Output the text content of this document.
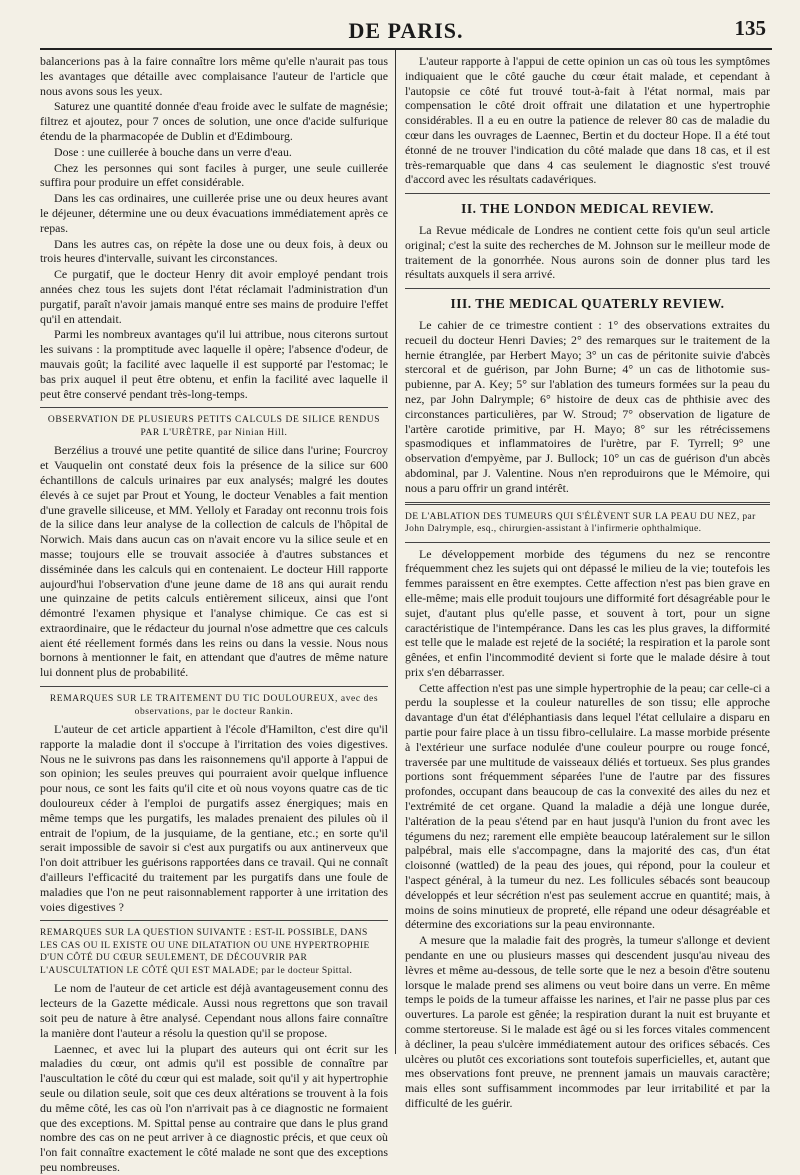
DE PARIS.	135

balancerions pas à la faire connaître lors même qu'elle n'aurait pas tous les avantages que détaille avec complaisance l'auteur de l'article que nous avons sous les yeux.

Saturez une quantité donnée d'eau froide avec le sulfate de magnésie; filtrez et ajoutez, pour 7 onces de solution, une once d'acide sulfurique étendu de la pharmacopée de Dublin et d'Edimbourg.

Dose : une cuillerée à bouche dans un verre d'eau.

Chez les personnes qui sont faciles à purger, une seule cuillerée suffira pour produire un effet considérable.

Dans les cas ordinaires, une cuillerée prise une ou deux heures avant le déjeuner, détermine une ou deux évacuations immédiatement après ce repas.

Dans les autres cas, on répète la dose une ou deux fois, à deux ou trois heures d'intervalle, suivant les circonstances.

Ce purgatif, que le docteur Henry dit avoir employé pendant trois années chez tous les sujets dont l'état réclamait l'administration d'un purgatif, paraît n'avoir jamais manqué entre ses mains de produire l'effet qu'il en attendait.

Parmi les nombreux avantages qu'il lui attribue, nous citerons surtout les suivans : la promptitude avec laquelle il opère; l'absence d'odeur, de mauvais goût; la facilité avec laquelle il est supporté par l'estomac; le bas prix auquel il peut être obtenu, et enfin la facilité avec laquelle il peut être conservé pendant très-long-temps.

OBSERVATION DE PLUSIEURS PETITS CALCULS DE SILICE RENDUS PAR L'URÈTRE, par Ninian Hill.

Berzélius a trouvé une petite quantité de silice dans l'urine; Fourcroy et Vauquelin ont constaté deux fois la présence de la silice sur 600 échantillons de calculs urinaires par eux analysés; malgré les doutes élevés à ce sujet par Prout et Young, le docteur Venables a fait mention d'une gravelle siliceuse, et MM. Yelloly et Faraday ont reconnu trois fois de la silice dans leur analyse de la collection de calculs de l'hôpital de Norwich. Mais dans aucun cas on n'avait encore vu la silice seule et en masse; toujours elle se trouvait associée à d'autres substances et disséminée dans les calculs qui en contenaient. Le docteur Hill rapporte aujourd'hui l'observation d'une jeune dame de 18 ans qui aurait rendu une quinzaine de petits calculs entièrement siliceux, ainsi que l'ont démontré l'examen physique et l'analyse chimique. Ce cas est si extraordinaire, que le rédacteur du journal n'ose admettre que ces calculs aient été réellement formés dans les reins ou dans la vessie. Nous nous bornons à mentionner le fait, en attendant que d'autres de même nature lui donnent plus de probabilité.

REMARQUES SUR LE TRAITEMENT DU TIC DOULOUREUX, avec des observations, par le docteur Rankin.

L'auteur de cet article appartient à l'école d'Hamilton, c'est dire qu'il rapporte la maladie dont il s'occupe à l'irritation des voies digestives. Nous ne le suivrons pas dans les raisonnemens qu'il apporte à l'appui de son opinion; les seules preuves qui pourraient avoir quelque influence pour nous, ce sont les faits qu'il cite et où nous voyons quatre cas de tic douloureux céder à l'emploi de purgatifs assez énergiques; mais en même temps que les purgatifs, les malades prenaient des pilules où il entrait de l'opium, de la jusquiame, de la gentiane, etc.; en sorte qu'il serait impossible de savoir si c'est aux purgatifs ou aux antinerveux que l'on doit attribuer les guérisons rapportées dans ce travail. Qui ne connaît d'ailleurs l'efficacité du traitement par les purgatifs dans une foule de maladies que l'on ne peut raisonnablement rapporter à une irritation des voies digestives ?

REMARQUES SUR LA QUESTION SUIVANTE : EST-IL POSSIBLE, DANS LES CAS OU IL EXISTE OU UNE DILATATION OU UNE HYPERTROPHIE D'UN CÔTÉ DU CŒUR SEULEMENT, DE DÉCOUVRIR PAR L'AUSCULTATION LE CÔTÉ QUI EST MALADE; par le docteur Spittal.

Le nom de l'auteur de cet article est déjà avantageusement connu des lecteurs de la Gazette médicale. Aussi nous regrettons que son travail soit peu de nature à être analysé. Cependant nous allons faire connaître la manière dont l'auteur a résolu la question qu'il se propose.

Laennec, et avec lui la plupart des auteurs qui ont écrit sur les maladies du cœur, ont admis qu'il est possible de connaître par l'auscultation le côté du cœur qui est malade, soit qu'il y ait hypertrophie seule ou dilation seule, soit que ces deux altérations se trouvent à la fois du même côté, les cas où l'on n'arrivait pas à ce diagnostic ne formaient que des exceptions. M. Spittal pense au contraire que dans le plus grand nombre des cas on ne peut arriver à ce diagnostic précis, et que ceux où l'on fait connaître exactement le côté malade ne sont que des exceptions peu nombreuses.

L'auteur rapporte à l'appui de cette opinion un cas où tous les symptômes indiquaient que le côté gauche du cœur était malade, et cependant à l'autopsie ce côté fut trouvé tout-à-fait à l'état normal, mais par compensation le côté droit offrait une dilatation et une hypertrophie considérables. Il a eu en outre la patience de relever 80 cas de maladie du cœur dans les ouvrages de Laennec, Bertin et du docteur Hope. Il a été tout étonné de ne trouver l'indication du côté malade que dans 18 cas, et il est très-remarquable que dans 4 cas seulement le diagnostic s'est trouvé d'accord avec les résultats cadavériques.

II. THE LONDON MEDICAL REVIEW.

La Revue médicale de Londres ne contient cette fois qu'un seul article original; c'est la suite des recherches de M. Johnson sur le meilleur mode de traitement de la gonorrhée. Nous aurons soin de donner plus tard les résultats auxquels il sera arrivé.

III. THE MEDICAL QUATERLY REVIEW.

Le cahier de ce trimestre contient : 1° des observations extraites du recueil du docteur Henri Davies; 2° des remarques sur le traitement de la hernie étranglée, par Herbert Mayo; 3° un cas de péritonite suivie d'abcès stercoral et de guérison, par John Burne; 4° un cas de lithotomie sus-pubienne, par A. Key; 5° sur l'ablation des tumeurs formées sur la peau du nez, par John Dalrymple; 6° histoire de deux cas de phthisie avec des circonstances particulières, par W. Stroud; 7° observation de ligature de l'artère carotide primitive, par H. Mayo; 8° sur les rétrécissemens spasmodiques et inflammatoires de l'urètre, par F. Tyrrell; 9° une observation d'empyème, par J. Bullock; 10° un cas de guérison d'un abcès abdominal, par J. Valentine. Nous n'en reproduirons que le Mémoire, qui nous a paru offrir un grand intérêt.

DE L'ABLATION DES TUMEURS QUI S'ÉLÈVENT SUR LA PEAU DU NEZ, par John Dalrymple, esq., chirurgien-assistant à l'infirmerie ophthalmique.

Le développement morbide des tégumens du nez se rencontre fréquemment chez les sujets qui ont dépassé le milieu de la vie; toutefois les femmes paraissent en être exemptes. Cette affection n'est pas bien grave en elle-même; mais elle produit toujours une difformité fort désagréable pour le sujet, d'autant plus qu'elle passe, et souvent à tort, pour un signe caractéristique de l'intempérance. Dans les cas les plus graves, la difformité est telle que le malade est rejeté de la société; la respiration et la parole sont gênées, et enfin l'incommodité devient si forte que le malade désire à tout prix s'en débarrasser.

Cette affection n'est pas une simple hypertrophie de la peau; car celle-ci a perdu la souplesse et la couleur naturelles de son tissu; elle approche davantage d'un état d'éléphantiasis dans lequel l'état cellulaire a disparu en partie pour faire place à un tissu fibro-cellulaire. La masse morbide présente à l'extérieur une surface nodulée d'une couleur pourpre ou rouge foncé, traversée par une multitude de vaisseaux déliés et tortueux. Ses plus grandes portions sont fréquemment séparées l'une de l'autre par des fissures profondes, occupant dans beaucoup de cas la convexité des ailes du nez et l'extrémité de cet organe. Quand la maladie a déjà une longue durée, l'altération de la peau s'étend par en haut jusqu'à l'union du front avec les tégumens du nez; rarement elle empiète beaucoup latéralement sur le sillon palpébral, mais elle s'accompagne, dans la majorité des cas, d'un état cloisonné (wattled) de la peau des joues, qui répond, pour la couleur et l'aspect général, à la tumeur du nez. Les follicules sébacés sont beaucoup développés et leur sécrétion n'est pas seulement accrue en quantité; mais, à moins de soins minutieux de propreté, elle répand une odeur désagréable et détermine des excoriations sur la peau environnante.

A mesure que la maladie fait des progrès, la tumeur s'allonge et devient pendante en une ou plusieurs masses qui descendent jusqu'au niveau des lèvres et même au-dessous, de telle sorte que le nez a besoin d'être soutenu lorsque le malade prend ses alimens ou veut boire dans un verre. En même temps le poids de la tumeur affaisse les narines, et l'air ne passe plus par ces ouvertures. La parole est gênée; la respiration durant la nuit est bruyante et comme stertoreuse. Si le malade est âgé ou si les forces vitales commencent à décliner, la peau s'ulcère immédiatement autour des orifices sébacés. Ces ulcères ou plutôt ces excoriations sont toutefois superficielles, et, autant que mes observations font preuve, ne prennent jamais un mauvais caractère; mais elles sont suffisamment incommodes par leur irritabilité et par la difficulté de les guérir.
